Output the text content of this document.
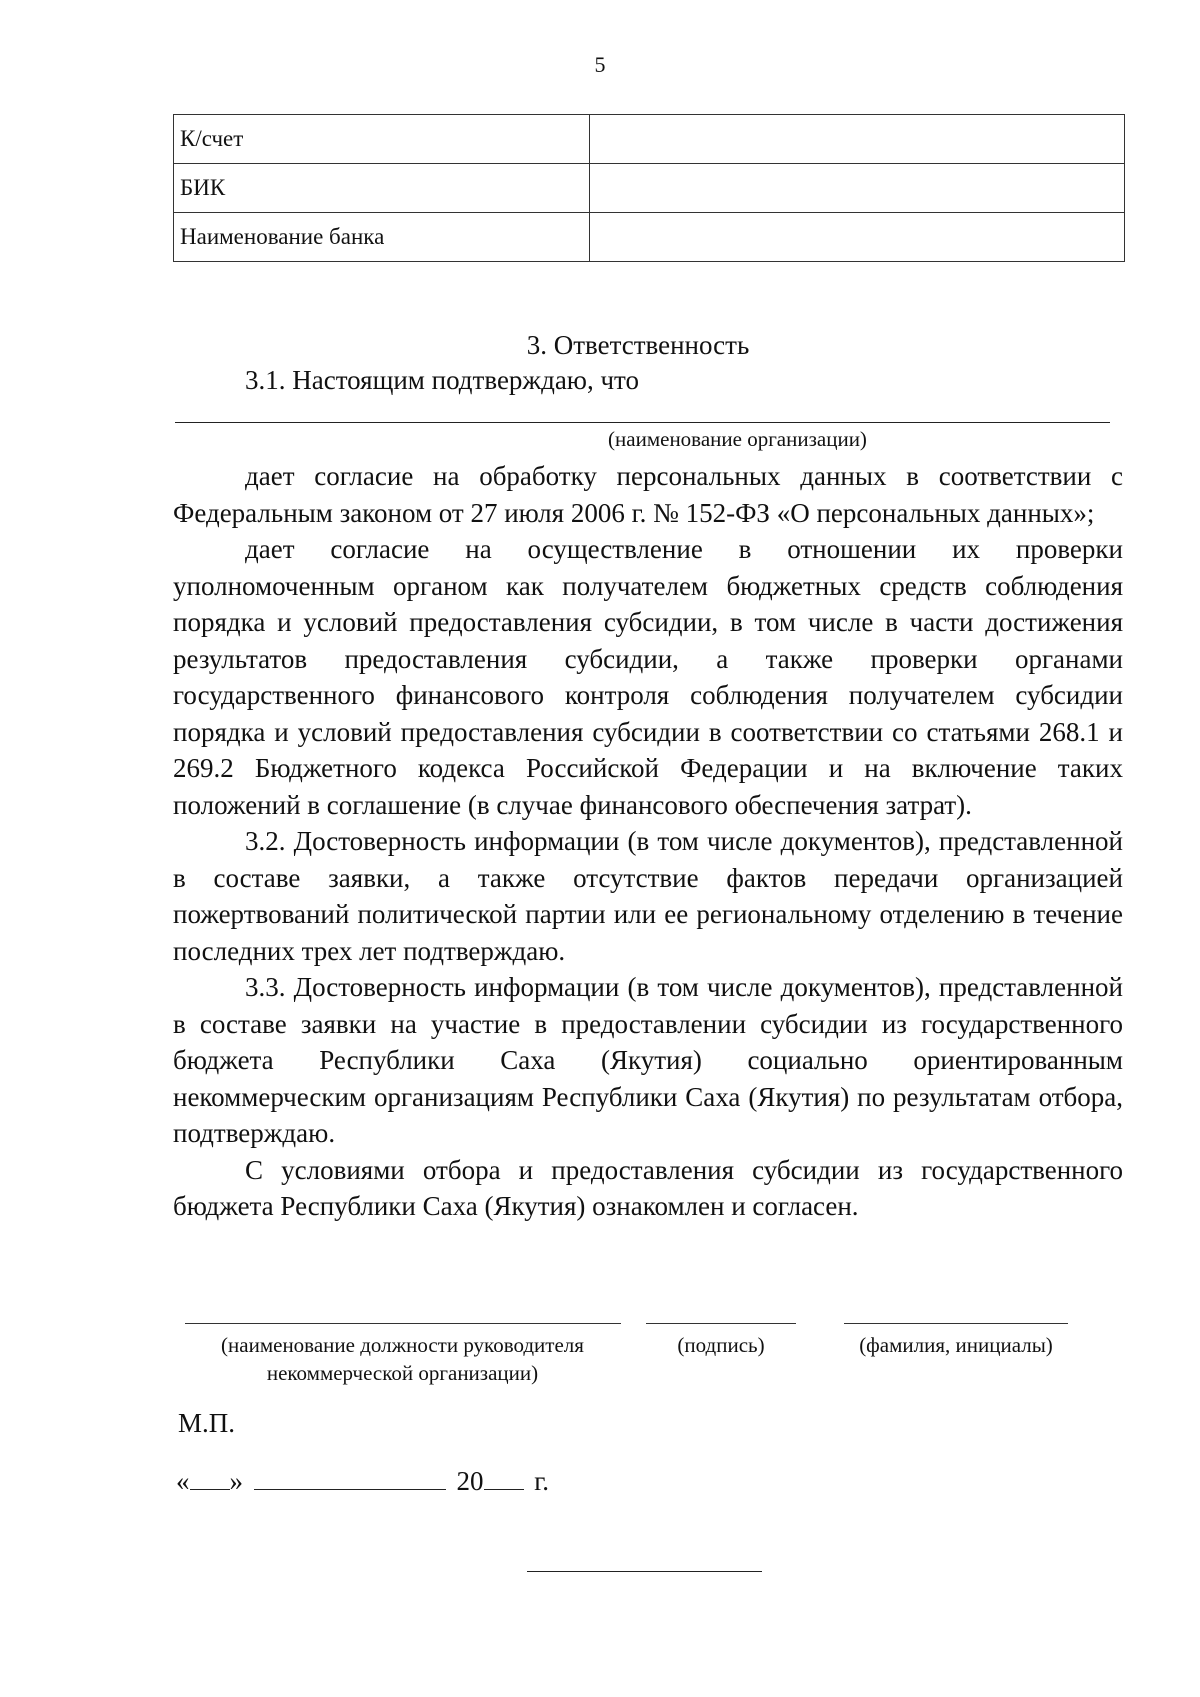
5
К/счет	
БИК	
Наименование банка	
3. Ответственность
3.1. Настоящим подтверждаю, что
(наименование организации)

дает согласие на обработку персональных данных в соответствии с Федеральным законом от 27 июля 2006 г. № 152-ФЗ «О персональных данных»;

дает согласие на осуществление в отношении их проверки уполномоченным органом как получателем бюджетных средств соблюдения порядка и условий предоставления субсидии, в том числе в части достижения результатов предоставления субсидии, а также проверки органами государственного финансового контроля соблюдения получателем субсидии порядка и условий предоставления субсидии в соответствии со статьями 268.1 и 269.2 Бюджетного кодекса Российской Федерации и на включение таких положений в соглашение (в случае финансового обеспечения затрат).

3.2. Достоверность информации (в том числе документов), представленной в составе заявки, а также отсутствие фактов передачи организацией пожертвований политической партии или ее региональному отделению в течение последних трех лет подтверждаю.

3.3. Достоверность информации (в том числе документов), представленной в составе заявки на участие в предоставлении субсидии из государственного бюджета Республики Саха (Якутия) социально ориентированным некоммерческим организациям Республики Саха (Якутия) по результатам отбора, подтверждаю.

С условиями отбора и предоставления субсидии из государственного бюджета Республики Саха (Якутия) ознакомлен и согласен.

(наименование должности руководителя
некоммерческой организации)
(подпись)	(фамилия, инициалы)
М.П.
« »	20 г.
